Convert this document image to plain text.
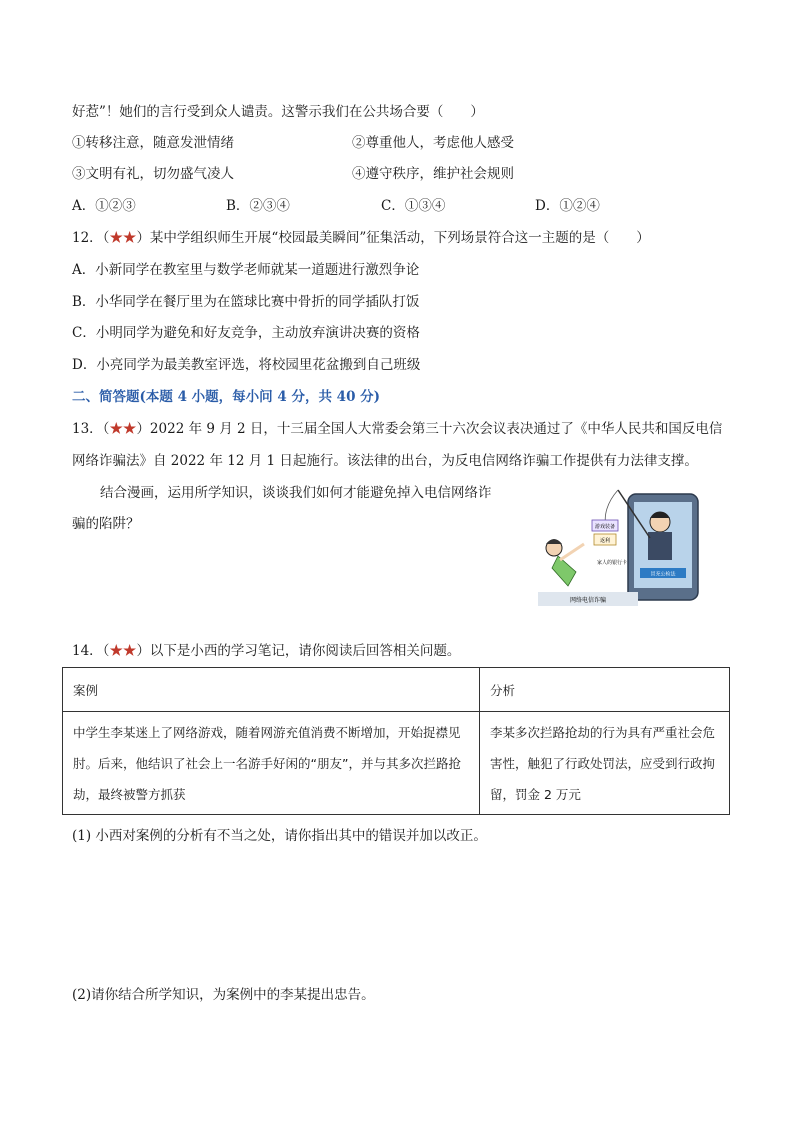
好惹”！她们的言行受到众人谴责。这警示我们在公共场合要（　　）
①转移注意，随意发泄情绪	②尊重他人，考虑他人感受
③文明有礼，切勿盛气凌人	④遵守秩序，维护社会规则
A．①②③	B．②③④	C．①③④	D．①②④
12．（★★）某中学组织师生开展“校园最美瞬间”征集活动，下列场景符合这一主题的是（　　）
A．小新同学在教室里与数学老师就某一道题进行激烈争论
B．小华同学在餐厅里为在篮球比赛中骨折的同学插队打饭
C．小明同学为避免和好友竞争，主动放弃演讲决赛的资格
D．小亮同学为最美教室评选，将校园里花盆搬到自己班级
二、简答题(本题 4 小题，每小问 4 分，共 40 分)
13．（★★）2022 年 9 月 2 日，十三届全国人大常委会第三十六次会议表决通过了《中华人民共和国反电信
网络诈骗法》自 2022 年 12 月 1 日起施行。该法律的出台，为反电信网络诈骗工作提供有力法律支撑。
结合漫画，运用所学知识，谈谈我们如何才能避免掉入电信网络诈
骗的陷阱？
冒充公检法
游戏装备
返利
家人的银行卡
网络电信诈骗
14．（★★）以下是小西的学习笔记，请你阅读后回答相关问题。
案例	分析
中学生李某迷上了网络游戏，随着网游充值消费不断增加，开始捉襟见肘。后来，他结识了社会上一名游手好闲的“朋友”，并与其多次拦路抢劫，最终被警方抓获	李某多次拦路抢劫的行为具有严重社会危害性，触犯了行政处罚法，应受到行政拘留，罚金 2 万元
(1) 小西对案例的分析有不当之处，请你指出其中的错误并加以改正。
(2)请你结合所学知识，为案例中的李某提出忠告。
